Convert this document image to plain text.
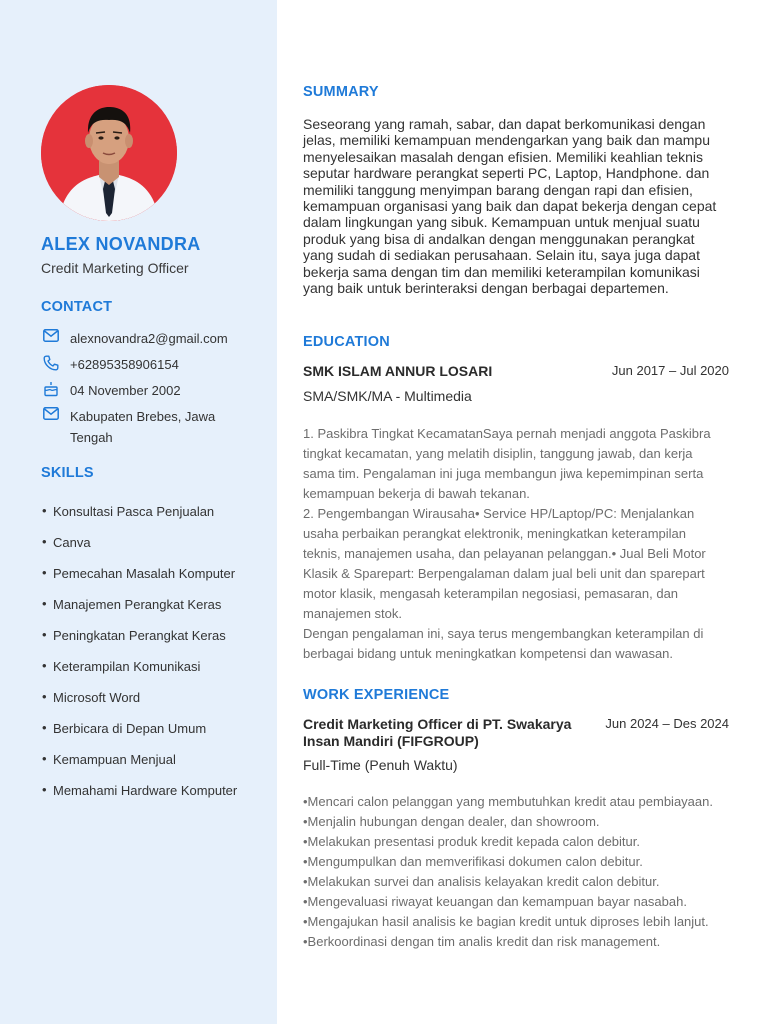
ALEX NOVANDRA
Credit Marketing Officer
CONTACT
alexnovandra2@gmail.com
+62895358906154
04 November 2002
Kabupaten Brebes, Jawa Tengah
SKILLS
• Konsultasi Pasca Penjualan
• Canva
• Pemecahan Masalah Komputer
• Manajemen Perangkat Keras
• Peningkatan Perangkat Keras
• Keterampilan Komunikasi
• Microsoft Word
• Berbicara di Depan Umum
• Kemampuan Menjual
• Memahami Hardware Komputer
SUMMARY

Seseorang yang ramah, sabar, dan dapat berkomunikasi dengan jelas, memiliki kemampuan mendengarkan yang baik dan mampu menyelesaikan masalah dengan efisien. Memiliki keahlian teknis seputar hardware perangkat seperti PC, Laptop, Handphone. dan memiliki tanggung menyimpan barang dengan rapi dan efisien, kemampuan organisasi yang baik dan dapat bekerja dengan cepat dalam lingkungan yang sibuk. Kemampuan untuk menjual suatu produk yang bisa di andalkan dengan menggunakan perangkat yang sudah di sediakan perusahaan. Selain itu, saya juga dapat bekerja sama dengan tim dan memiliki keterampilan komunikasi yang baik untuk berinteraksi dengan berbagai departemen.

EDUCATION
SMK ISLAM ANNUR LOSARI	Jun 2017 – Jul 2020
SMA/SMK/MA - Multimedia
1. Paskibra Tingkat KecamatanSaya pernah menjadi anggota Paskibra tingkat kecamatan, yang melatih disiplin, tanggung jawab, dan kerja sama tim. Pengalaman ini juga membangun jiwa kepemimpinan serta kemampuan bekerja di bawah tekanan.
2. Pengembangan Wirausaha• Service HP/Laptop/PC: Menjalankan usaha perbaikan perangkat elektronik, meningkatkan keterampilan teknis, manajemen usaha, dan pelayanan pelanggan.• Jual Beli Motor Klasik & Sparepart: Berpengalaman dalam jual beli unit dan sparepart motor klasik, mengasah keterampilan negosiasi, pemasaran, dan manajemen stok.
Dengan pengalaman ini, saya terus mengembangkan keterampilan di berbagai bidang untuk meningkatkan kompetensi dan wawasan.
WORK EXPERIENCE
Credit Marketing Officer di PT. Swakarya Insan Mandiri (FIFGROUP)
Jun 2024 – Des 2024
Full-Time (Penuh Waktu)
•Mencari calon pelanggan yang membutuhkan kredit atau pembiayaan.
•Menjalin hubungan dengan dealer, dan showroom.
•Melakukan presentasi produk kredit kepada calon debitur.
•Mengumpulkan dan memverifikasi dokumen calon debitur.
•Melakukan survei dan analisis kelayakan kredit calon debitur.
•Mengevaluasi riwayat keuangan dan kemampuan bayar nasabah.
•Mengajukan hasil analisis ke bagian kredit untuk diproses lebih lanjut.
•Berkoordinasi dengan tim analis kredit dan risk management.
